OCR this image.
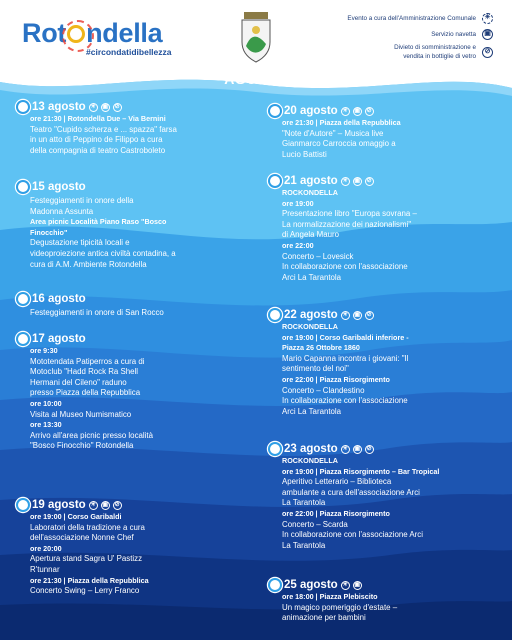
Rot ndella
#circondatidibellezza
Evento a cura dell'Amministrazione Comunale	☀
Servizio navetta	▣
Divieto di somministrazione e
vendita in bottiglie di vetro
⊘
AGOSTO
13 agosto ☀	▣	⊘
ore 21:30 | Rotondella Due – Via Bernini
Teatro "Cupido scherza e ... spazza" farsa
in un atto di Peppino de Filippo a cura
della compagnia di teatro Castroboleto
15 agosto
Festeggiamenti in onore della
Madonna Assunta
Area picnic Località Piano Raso "Bosco
Finocchio"
Degustazione tipicità locali e
videoproiezione antica civiltà contadina, a
cura di A.M. Ambiente Rotondella
16 agosto
Festeggiamenti in onore di San Rocco
17 agosto
ore 9:30
Mototendata Patiperros a cura di
Motoclub "Hadd Rock Ra Shell
Hermani del Cileno" raduno
presso Piazza della Repubblica
ore 10:00
Visita al Museo Numismatico
ore 13:30
Arrivo all'area picnic presso località
"Bosco Finocchio" Rotondella
19 agosto ☀	▣	⊘
ore 19:00 | Corso Garibaldi
Laboratori della tradizione a cura
dell'associazione Nonne Chef
ore 20:00
Apertura stand Sagra U' Pastizz
R'tunnar
ore 21:30 | Piazza della Repubblica
Concerto Swing – Lerry Franco
20 agosto ☀	▣	⊘
ore 21:30 | Piazza della Repubblica
"Note d'Autore" – Musica live
Gianmarco Carroccia omaggio a
Lucio Battisti
21 agosto ☀	▣	⊘
ROCKONDELLA
ore 19:00
Presentazione libro "Europa sovrana –
La normalizzazione dei nazionalismi"
di Angela Mauro
ore 22:00
Concerto – Lovesick
In collaborazione con l'associazione
Arci La Tarantola
22 agosto ☀	▣	⊘
ROCKONDELLA
ore 19:00 | Corso Garibaldi inferiore -
Piazza 26 Ottobre 1860
Mario Capanna incontra i giovani: "Il
sentimento del noi"
ore 22:00 | Piazza Risorgimento
Concerto – Clandestino
In collaborazione con l'associazione
Arci La Tarantola
23 agosto ☀	▣	⊘
ROCKONDELLA
ore 19:00 | Piazza Risorgimento – Bar Tropical
Aperitivo Letterario – Biblioteca
ambulante a cura dell'associazione Arci
La Tarantola
ore 22:00 | Piazza Risorgimento
Concerto – Scarda
In collaborazione con l'associazione Arci
La Tarantola
25 agosto ☀	▣
ore 18:00 | Piazza Plebiscito
Un magico pomeriggio d'estate –
animazione per bambini
